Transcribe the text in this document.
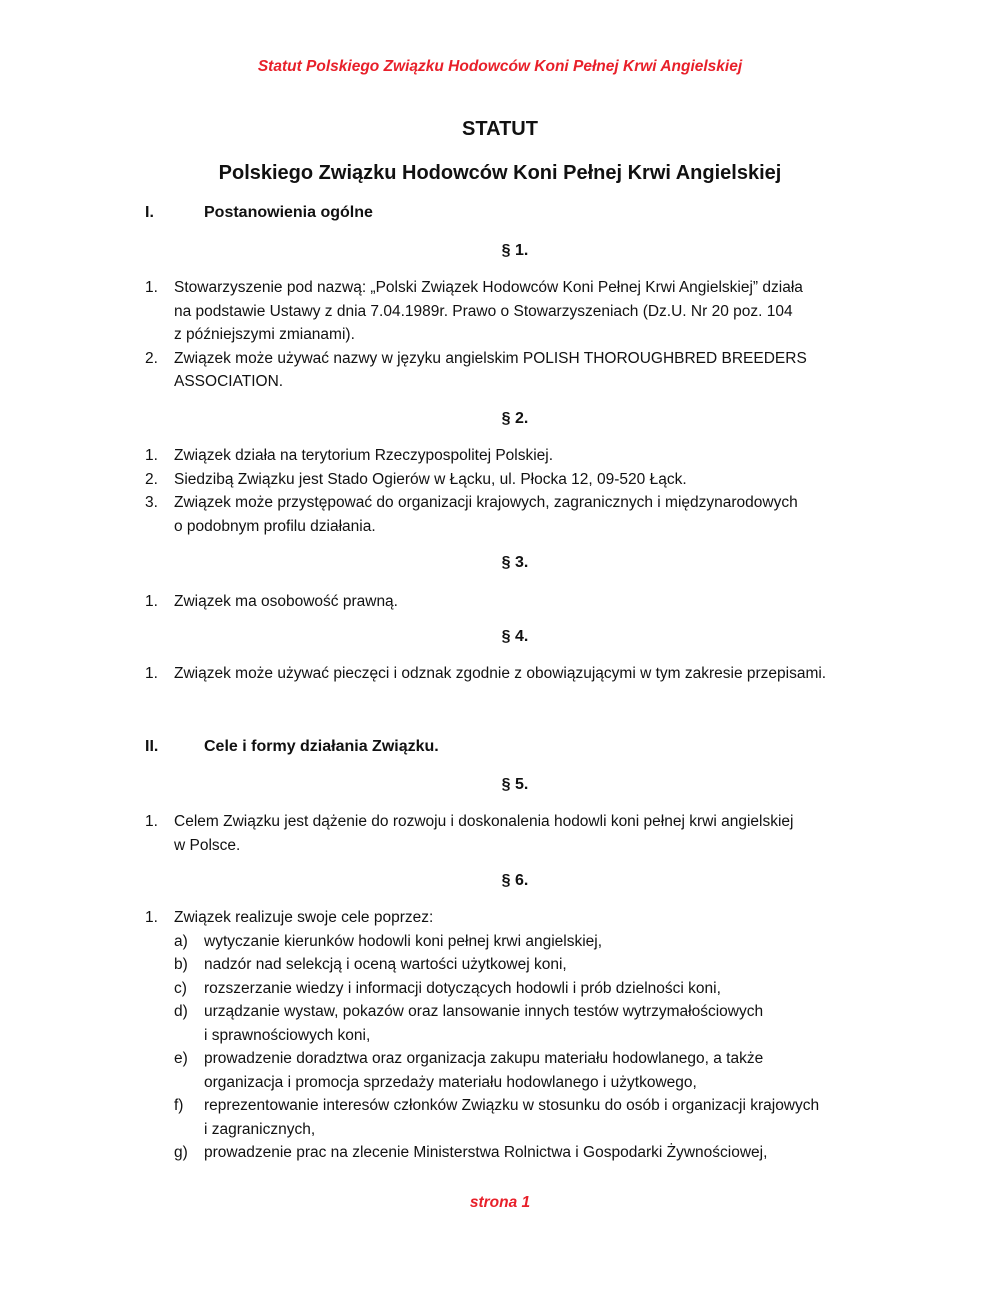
Statut Polskiego Związku Hodowców Koni Pełnej Krwi Angielskiej
STATUT
Polskiego Związku Hodowców Koni Pełnej Krwi Angielskiej
I.	Postanowienia ogólne
§ 1.
1. Stowarzyszenie pod nazwą: „Polski Związek Hodowców Koni Pełnej Krwi Angielskiej” działa
na podstawie Ustawy z dnia 7.04.1989r. Prawo o Stowarzyszeniach (Dz.U. Nr 20 poz. 104
z późniejszymi zmianami).
2. Związek może używać nazwy w języku angielskim POLISH THOROUGHBRED BREEDERS
ASSOCIATION.
§ 2.
1. Związek działa na terytorium Rzeczypospolitej Polskiej.
2. Siedzibą Związku jest Stado Ogierów w Łącku, ul. Płocka 12, 09-520 Łąck.
3. Związek może przystępować do organizacji krajowych, zagranicznych i międzynarodowych
o podobnym profilu działania.
§ 3.
1. Związek ma osobowość prawną.
§ 4.
1. Związek może używać pieczęci i odznak zgodnie z obowiązującymi w tym zakresie przepisami.
II.	Cele i formy działania Związku.
§ 5.
1. Celem Związku jest dążenie do rozwoju i doskonalenia hodowli koni pełnej krwi angielskiej
w Polsce.
§ 6.
1. Związek realizuje swoje cele poprzez:
a) wytyczanie kierunków hodowli koni pełnej krwi angielskiej,
b) nadzór nad selekcją i oceną wartości użytkowej koni,
c) rozszerzanie wiedzy i informacji dotyczących hodowli i prób dzielności koni,
d) urządzanie wystaw, pokazów oraz lansowanie innych testów wytrzymałościowych
i sprawnościowych koni,
e) prowadzenie doradztwa oraz organizacja zakupu materiału hodowlanego, a także
organizacja i promocja sprzedaży materiału hodowlanego i użytkowego,
f) reprezentowanie interesów członków Związku w stosunku do osób i organizacji krajowych
i zagranicznych,
g) prowadzenie prac na zlecenie Ministerstwa Rolnictwa i Gospodarki Żywnościowej,
strona 1
